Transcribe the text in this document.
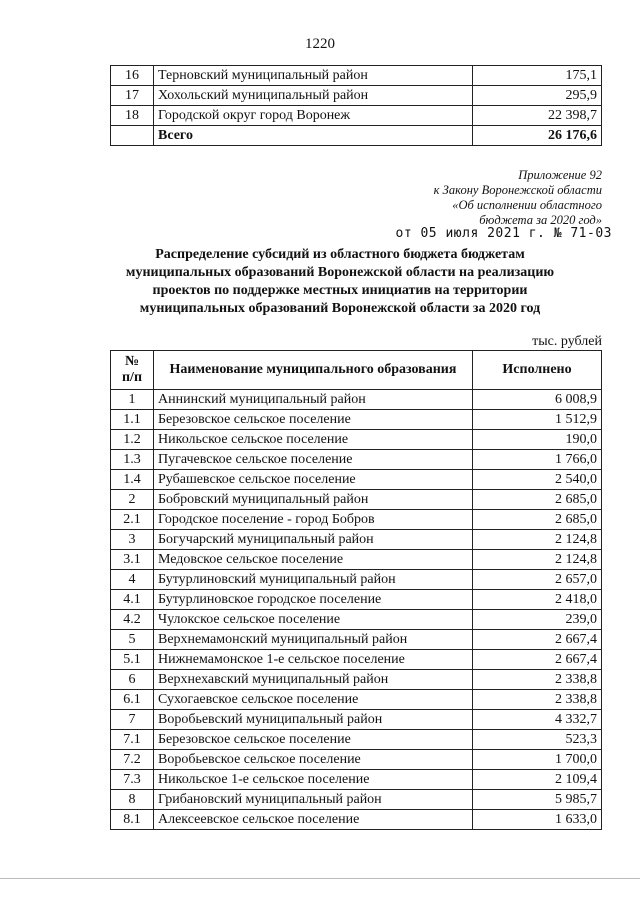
1220
16	Терновский муниципальный район	175,1
17	Хохольский муниципальный район	295,9
18	Городской округ город Воронеж	22 398,7
	Всего	26 176,6
Приложение 92
к Закону Воронежской области
«Об исполнении областного
бюджета за 2020 год»
от 05 июля 2021 г. № 71-03
Распределение субсидий из областного бюджета бюджетам
муниципальных образований Воронежской области на реализацию
проектов по поддержке местных инициатив на территории
муниципальных образований Воронежской области за 2020 год
тыс. рублей
№
п/п	Наименование муниципального образования	Исполнено
1	Аннинский муниципальный район	6 008,9
1.1	Березовское сельское поселение	1 512,9
1.2	Никольское сельское поселение	190,0
1.3	Пугачевское сельское поселение	1 766,0
1.4	Рубашевское сельское поселение	2 540,0
2	Бобровский муниципальный район	2 685,0
2.1	Городское поселение - город Бобров	2 685,0
3	Богучарский муниципальный район	2 124,8
3.1	Медовское сельское поселение	2 124,8
4	Бутурлиновский муниципальный район	2 657,0
4.1	Бутурлиновское городское поселение	2 418,0
4.2	Чулокское сельское поселение	239,0
5	Верхнемамонский муниципальный район	2 667,4
5.1	Нижнемамонское 1-е сельское поселение	2 667,4
6	Верхнехавский муниципальный район	2 338,8
6.1	Сухогаевское сельское поселение	2 338,8
7	Воробьевский муниципальный район	4 332,7
7.1	Березовское сельское поселение	523,3
7.2	Воробьевское сельское поселение	1 700,0
7.3	Никольское 1-е сельское поселение	2 109,4
8	Грибановский муниципальный район	5 985,7
8.1	Алексеевское сельское поселение	1 633,0
